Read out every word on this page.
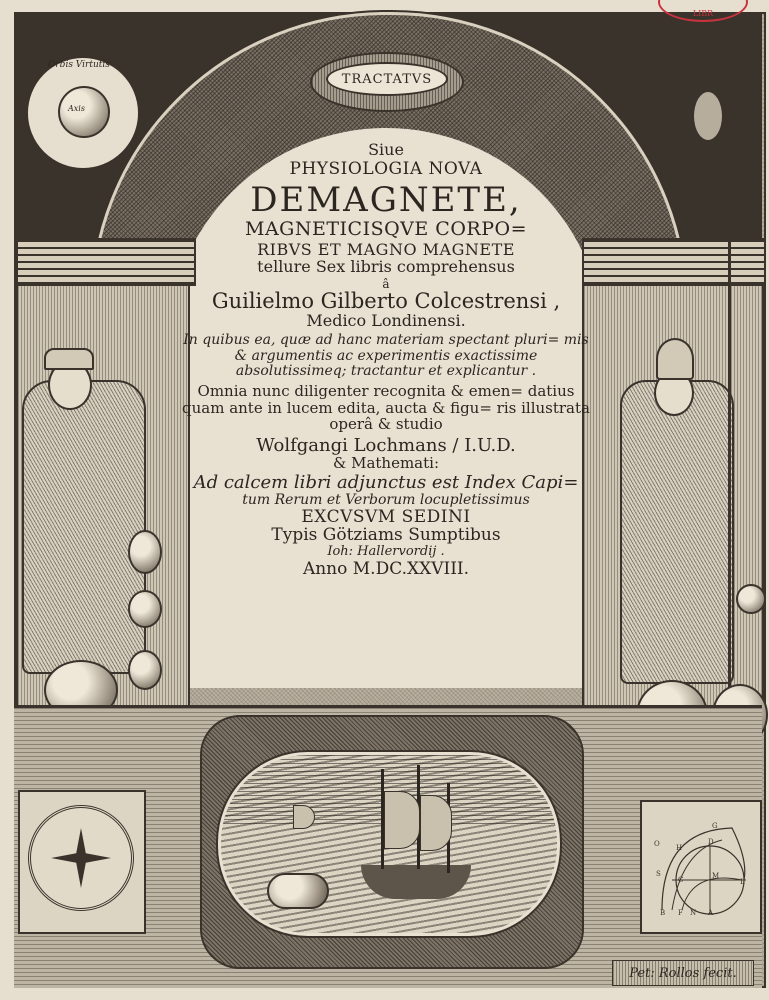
LIBR
Orbis Virtutis
Axis
TRACTATVS
Siue
PHYSIOLOGIA NOVA
DEMAGNETE,
MAGNETICISQVE CORPO=
RIBVS ET MAGNO MAGNETE
tellure Sex libris comprehensus
â
Guilielmo Gilberto Colcestrensi ,
Medico Londinensi.
In quibus ea, quæ ad hanc materiam spectant pluri= mis & argumentis ac experimentis exactissime absolutissimeq; tractantur et explicantur .
Omnia nunc diligenter recognita & emen= datius quam ante in lucem edita, aucta & figu= ris illustrata operâ & studio
Wolfgangi Lochmans / I.U.D.
& Mathemati:
Ad calcem libri adjunctus est Index Capi=
tum Rerum et Verborum locupletissimus
EXCVSVM SEDINI
Typis Götziams Sumptibus
Ioh: Hallervordij .
Anno M.DC.XXVIII.
G
O H
D
S
C	M
L
B F N A
Pet: Rollos fecit.
